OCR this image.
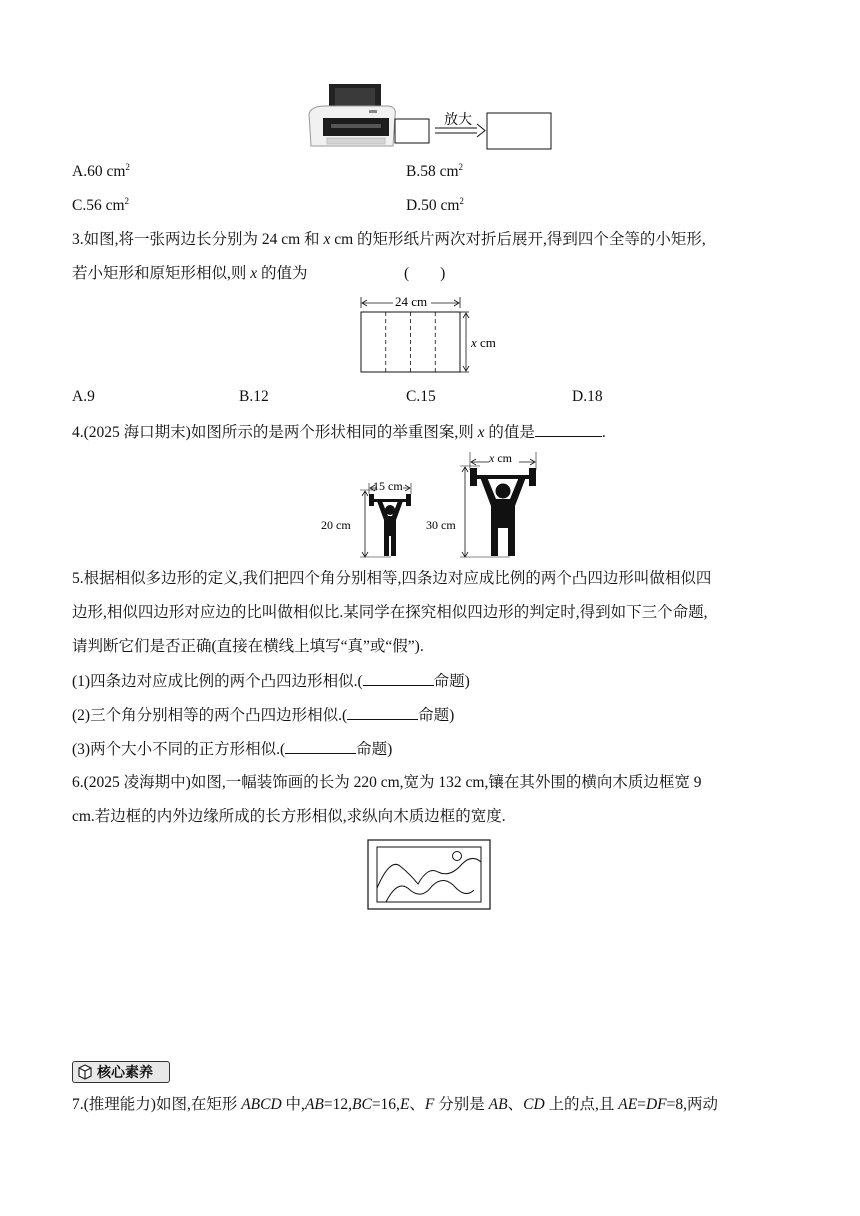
放大
A.60 $cm^2$	B.58 $cm^2$
C.56 $cm^2$	D.50 $cm^2$
3.如图,将一张两边长分别为 24 cm 和 x cm 的矩形纸片两次对折后展开,得到四个全等的小矩形,
若小矩形和原矩形相似,则 x 的值为	(　　)
24 cm
x cm
A.9	B.12	C.15	D.18
4.(2025 海口期末)如图所示的是两个形状相同的举重图案,则 x 的值是	.
20 cm
15 cm
30 cm
x cm
5.根据相似多边形的定义,我们把四个角分别相等,四条边对应成比例的两个凸四边形叫做相似四
边形,相似四边形对应边的比叫做相似比.某同学在探究相似四边形的判定时,得到如下三个命题,
请判断它们是否正确(直接在横线上填写“真”或“假”).
(1)四条边对应成比例的两个凸四边形相似.(	命题)
(2)三个角分别相等的两个凸四边形相似.(	命题)
(3)两个大小不同的正方形相似.(	命题)
6.(2025 凌海期中)如图,一幅装饰画的长为 220 cm,宽为 132 cm,镶在其外围的横向木质边框宽 9
cm.若边框的内外边缘所成的长方形相似,求纵向木质边框的宽度.
核心素养
7.(推理能力)如图,在矩形 ABCD 中,AB=12,BC=16,E、F 分别是 AB、CD 上的点,且 AE=DF=8,两动
